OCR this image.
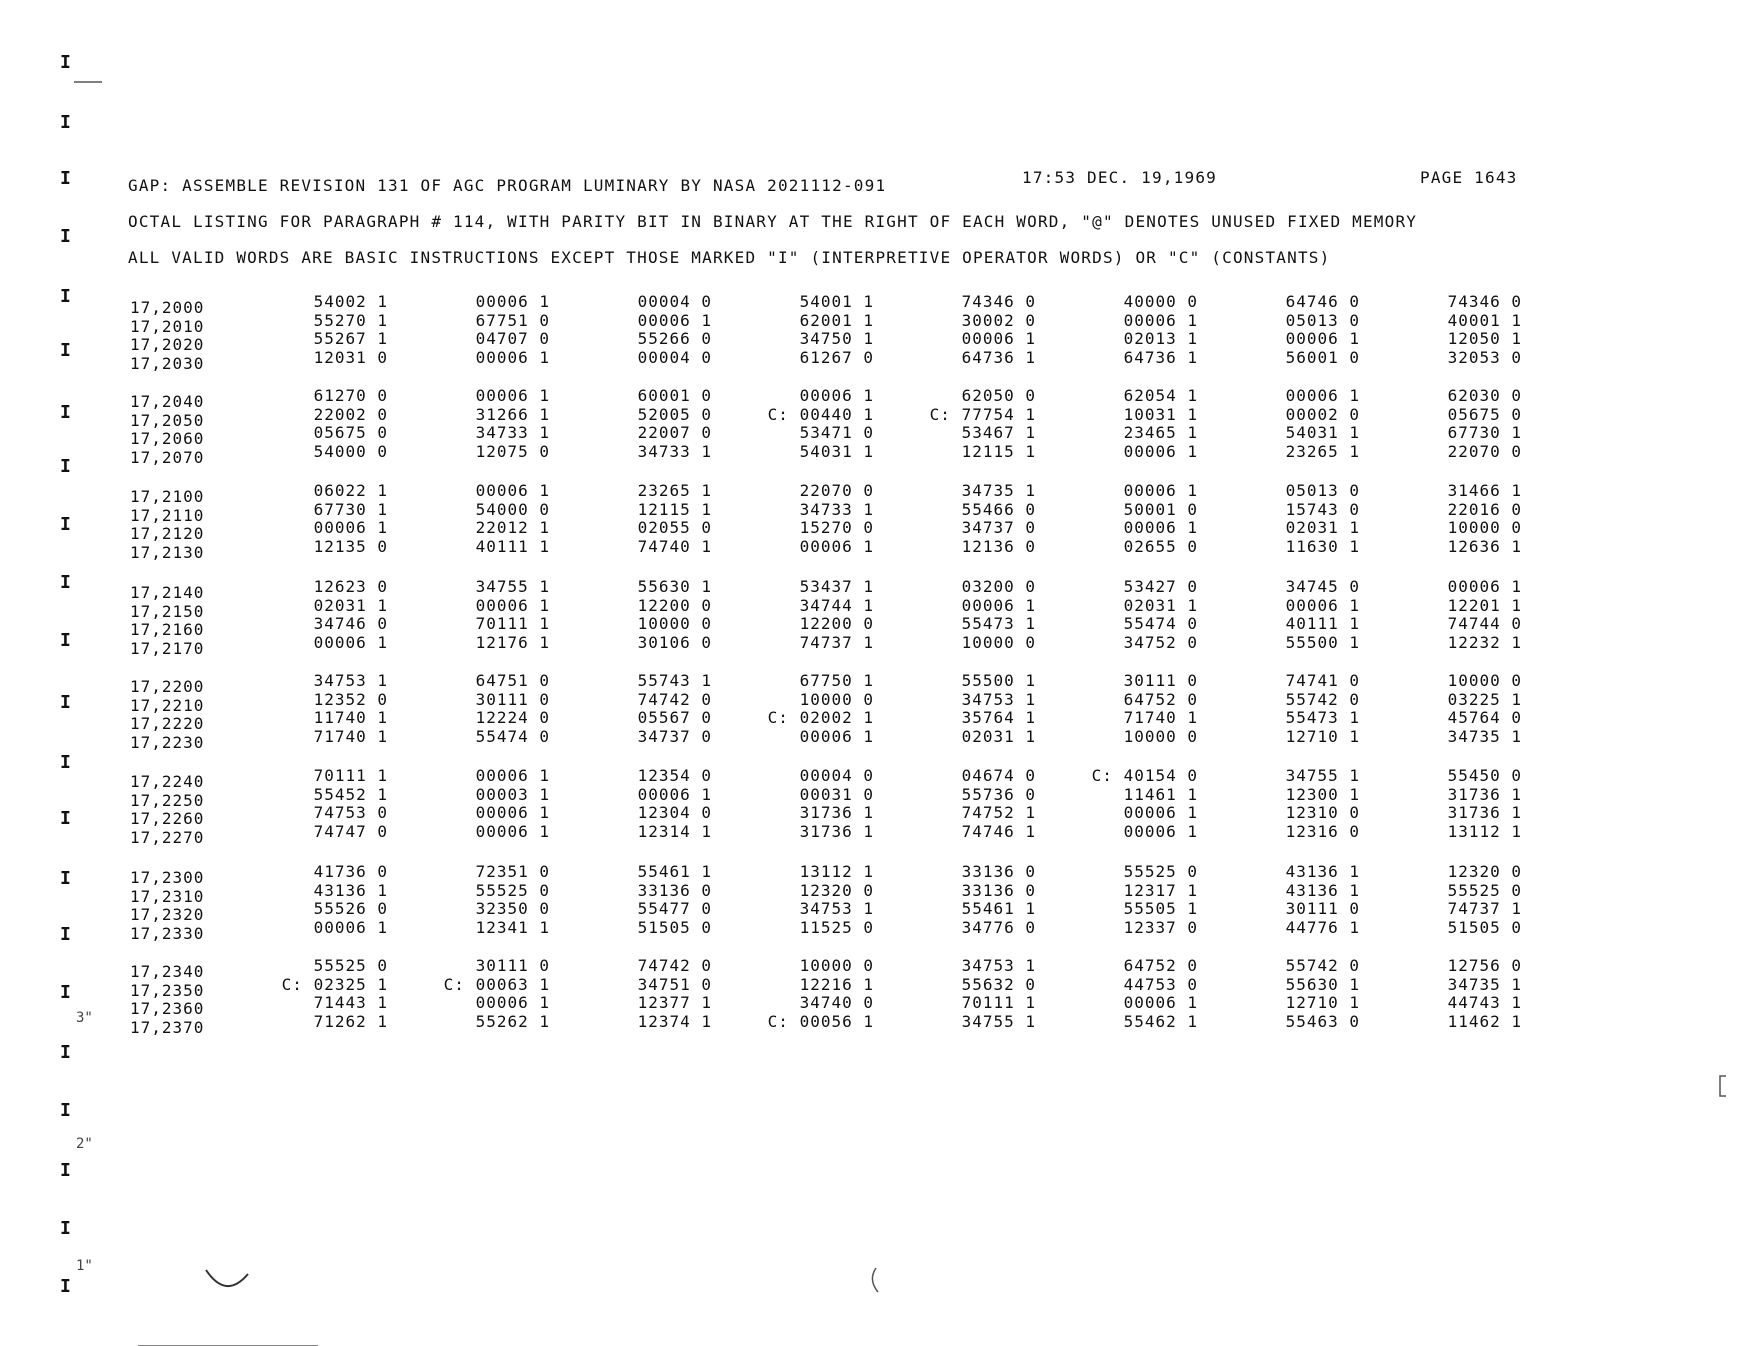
GAP: ASSEMBLE REVISION 131 OF AGC PROGRAM LUMINARY BY NASA 2021112-091	17:53 DEC. 19,1969	PAGE 1643
OCTAL LISTING FOR PARAGRAPH # 114, WITH PARITY BIT IN BINARY AT THE RIGHT OF EACH WORD, "@" DENOTES UNUSED FIXED MEMORY
ALL VALID WORDS ARE BASIC INSTRUCTIONS EXCEPT THOSE MARKED "I" (INTERPRETIVE OPERATOR WORDS) OR "C" (CONSTANTS)
17,2000	54002 1	00006 1	00004 0	54001 1	74346 0	40000 0	64746 0	74346 0
17,2010	55270 1	67751 0	00006 1	62001 1	30002 0	00006 1	05013 0	40001 1
17,2020	55267 1	04707 0	55266 0	34750 1	00006 1	02013 1	00006 1	12050 1
17,2030	12031 0	00006 1	00004 0	61267 0	64736 1	64736 1	56001 0	32053 0
17,2040	61270 0	00006 1	60001 0	00006 1	62050 0	62054 1	00006 1	62030 0
17,2050	22002 0	31266 1	52005 0	C: 00440 1	C: 77754 1	10031 1	00002 0	05675 0
17,2060	05675 0	34733 1	22007 0	53471 0	53467 1	23465 1	54031 1	67730 1
17,2070	54000 0	12075 0	34733 1	54031 1	12115 1	00006 1	23265 1	22070 0
17,2100	06022 1	00006 1	23265 1	22070 0	34735 1	00006 1	05013 0	31466 1
17,2110	67730 1	54000 0	12115 1	34733 1	55466 0	50001 0	15743 0	22016 0
17,2120	00006 1	22012 1	02055 0	15270 0	34737 0	00006 1	02031 1	10000 0
17,2130	12135 0	40111 1	74740 1	00006 1	12136 0	02655 0	11630 1	12636 1
17,2140	12623 0	34755 1	55630 1	53437 1	03200 0	53427 0	34745 0	00006 1
17,2150	02031 1	00006 1	12200 0	34744 1	00006 1	02031 1	00006 1	12201 1
17,2160	34746 0	70111 1	10000 0	12200 0	55473 1	55474 0	40111 1	74744 0
17,2170	00006 1	12176 1	30106 0	74737 1	10000 0	34752 0	55500 1	12232 1
17,2200	34753 1	64751 0	55743 1	67750 1	55500 1	30111 0	74741 0	10000 0
17,2210	12352 0	30111 0	74742 0	10000 0	34753 1	64752 0	55742 0	03225 1
17,2220	11740 1	12224 0	05567 0	C: 02002 1	35764 1	71740 1	55473 1	45764 0
17,2230	71740 1	55474 0	34737 0	00006 1	02031 1	10000 0	12710 1	34735 1
17,2240	70111 1	00006 1	12354 0	00004 0	04674 0	C: 40154 0	34755 1	55450 0
17,2250	55452 1	00003 1	00006 1	00031 0	55736 0	11461 1	12300 1	31736 1
17,2260	74753 0	00006 1	12304 0	31736 1	74752 1	00006 1	12310 0	31736 1
17,2270	74747 0	00006 1	12314 1	31736 1	74746 1	00006 1	12316 0	13112 1
17,2300	41736 0	72351 0	55461 1	13112 1	33136 0	55525 0	43136 1	12320 0
17,2310	43136 1	55525 0	33136 0	12320 0	33136 0	12317 1	43136 1	55525 0
17,2320	55526 0	32350 0	55477 0	34753 1	55461 1	55505 1	30111 0	74737 1
17,2330	00006 1	12341 1	51505 0	11525 0	34776 0	12337 0	44776 1	51505 0
17,2340	55525 0	30111 0	74742 0	10000 0	34753 1	64752 0	55742 0	12756 0
17,2350	C: 02325 1	C: 00063 1	34751 0	12216 1	55632 0	44753 0	55630 1	34735 1
17,2360	71443 1	00006 1	12377 1	34740 0	70111 1	00006 1	12710 1	44743 1
17,2370	71262 1	55262 1	12374 1	C: 00056 1	34755 1	55462 1	55463 0	11462 1
I
I
I
I
I
I
I
I
I
I
I
I
I
I
I
I
I
I
I
I
I
I
3"
2"
1"
